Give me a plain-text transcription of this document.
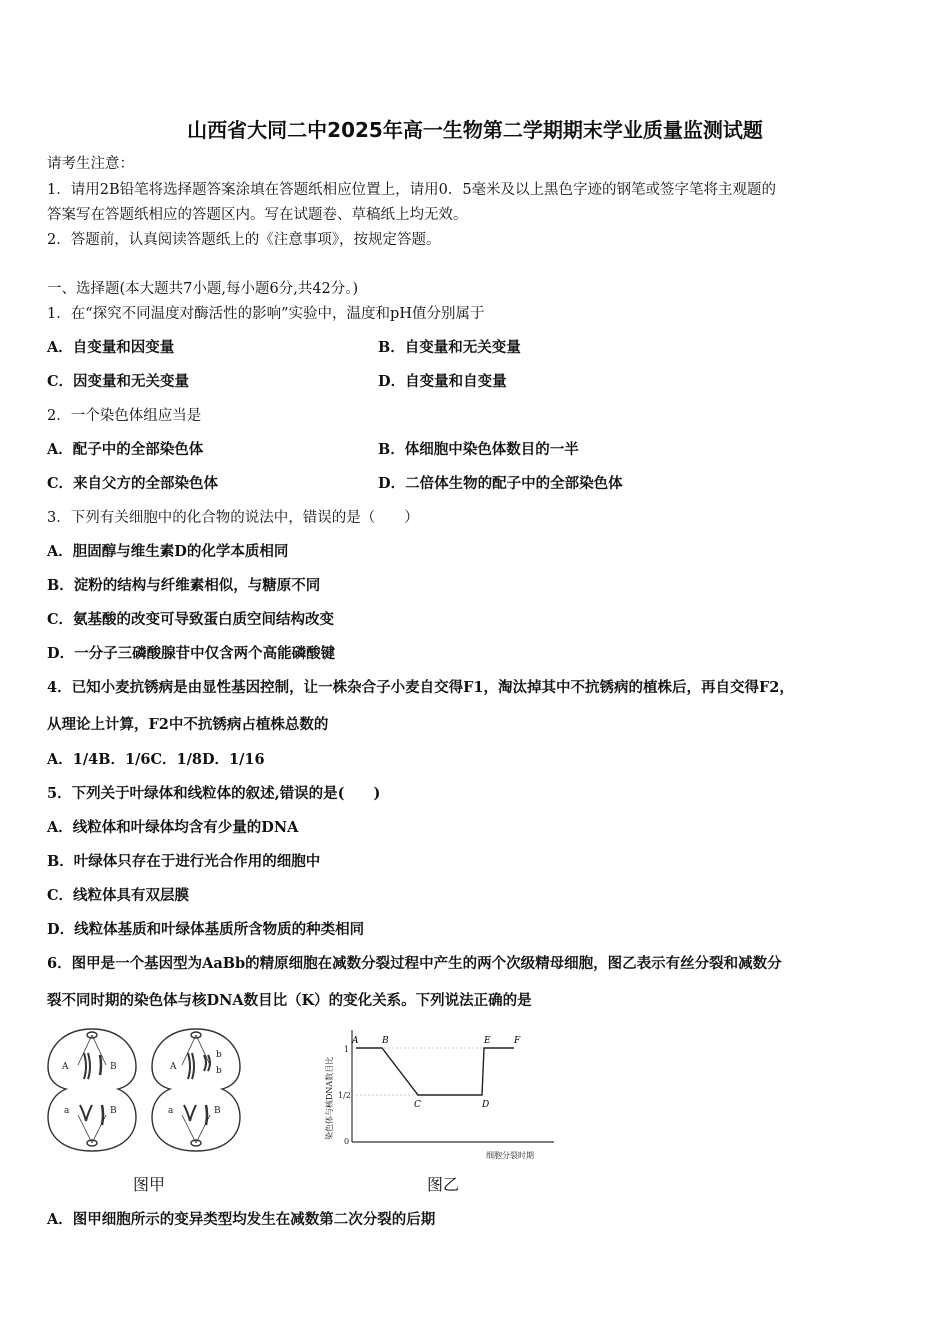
山西省大同二中2025年高一生物第二学期期末学业质量监测试题
请考生注意：
1．请用2B铅笔将选择题答案涂填在答题纸相应位置上，请用0．5毫米及以上黑色字迹的钢笔或签字笔将主观题的
答案写在答题纸相应的答题区内。写在试题卷、草稿纸上均无效。
2．答题前，认真阅读答题纸上的《注意事项》，按规定答题。
一、选择题(本大题共7小题,每小题6分,共42分。)
1．在“探究不同温度对酶活性的影响”实验中，温度和pH值分别属于
A．自变量和因变量	B．自变量和无关变量
C．因变量和无关变量	D．自变量和自变量
2．一个染色体组应当是
A．配子中的全部染色体	B．体细胞中染色体数目的一半
C．来自父方的全部染色体	D．二倍体生物的配子中的全部染色体
3．下列有关细胞中的化合物的说法中，错误的是（　　）
A．胆固醇与维生素D的化学本质相同
B．淀粉的结构与纤维素相似，与糖原不同
C．氨基酸的改变可导致蛋白质空间结构改变
D．一分子三磷酸腺苷中仅含两个高能磷酸键
4．已知小麦抗锈病是由显性基因控制，让一株杂合子小麦自交得F1，淘汰掉其中不抗锈病的植株后，再自交得F2，
从理论上计算，F2中不抗锈病占植株总数的
A．1/4B．1/6C．1/8D．1/16
5．下列关于叶绿体和线粒体的叙述,错误的是(　　)
A．线粒体和叶绿体均含有少量的DNA
B．叶绿体只存在于进行光合作用的细胞中
C．线粒体具有双层膜
D．线粒体基质和叶绿体基质所含物质的种类相同
6．图甲是一个基因型为AaBb的精原细胞在减数分裂过程中产生的两个次级精母细胞，图乙表示有丝分裂和减数分
裂不同时期的染色体与核DNA数目比（K）的变化关系。下列说法正确的是
A	B
a	B
A
b
b
a	B
图甲
染色体与核DNA数目比
细胞分裂时期
1
1/2
0
A	B
C	D
E	F
图乙
A．图甲细胞所示的变异类型均发生在减数第二次分裂的后期
